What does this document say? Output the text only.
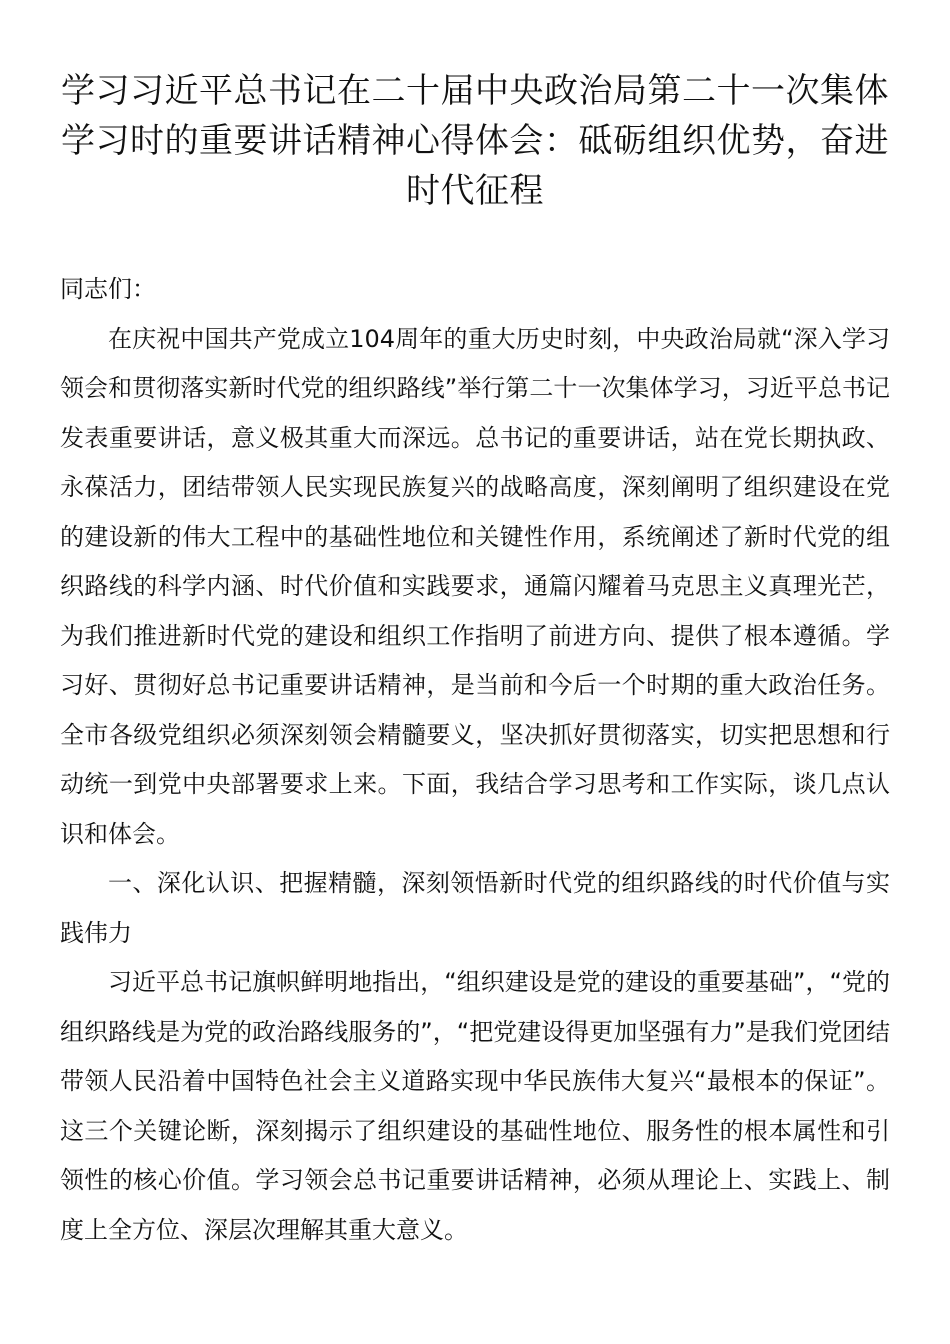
学习习近平总书记在二十届中央政治局第二十一次集体学习时的重要讲话精神心得体会：砥砺组织优势，奋进时代征程

同志们：

在庆祝中国共产党成立104周年的重大历史时刻，中央政治局就“深入学习领会和贯彻落实新时代党的组织路线”举行第二十一次集体学习，习近平总书记发表重要讲话，意义极其重大而深远。总书记的重要讲话，站在党长期执政、永葆活力，团结带领人民实现民族复兴的战略高度，深刻阐明了组织建设在党的建设新的伟大工程中的基础性地位和关键性作用，系统阐述了新时代党的组织路线的科学内涵、时代价值和实践要求，通篇闪耀着马克思主义真理光芒，为我们推进新时代党的建设和组织工作指明了前进方向、提供了根本遵循。学习好、贯彻好总书记重要讲话精神，是当前和今后一个时期的重大政治任务。全市各级党组织必须深刻领会精髓要义，坚决抓好贯彻落实，切实把思想和行动统一到党中央部署要求上来。下面，我结合学习思考和工作实际，谈几点认识和体会。

一、深化认识、把握精髓，深刻领悟新时代党的组织路线的时代价值与实践伟力

习近平总书记旗帜鲜明地指出，“组织建设是党的建设的重要基础”，“党的组织路线是为党的政治路线服务的”，“把党建设得更加坚强有力”是我们党团结带领人民沿着中国特色社会主义道路实现中华民族伟大复兴“最根本的保证”。这三个关键论断，深刻揭示了组织建设的基础性地位、服务性的根本属性和引领性的核心价值。学习领会总书记重要讲话精神，必须从理论上、实践上、制度上全方位、深层次理解其重大意义。
